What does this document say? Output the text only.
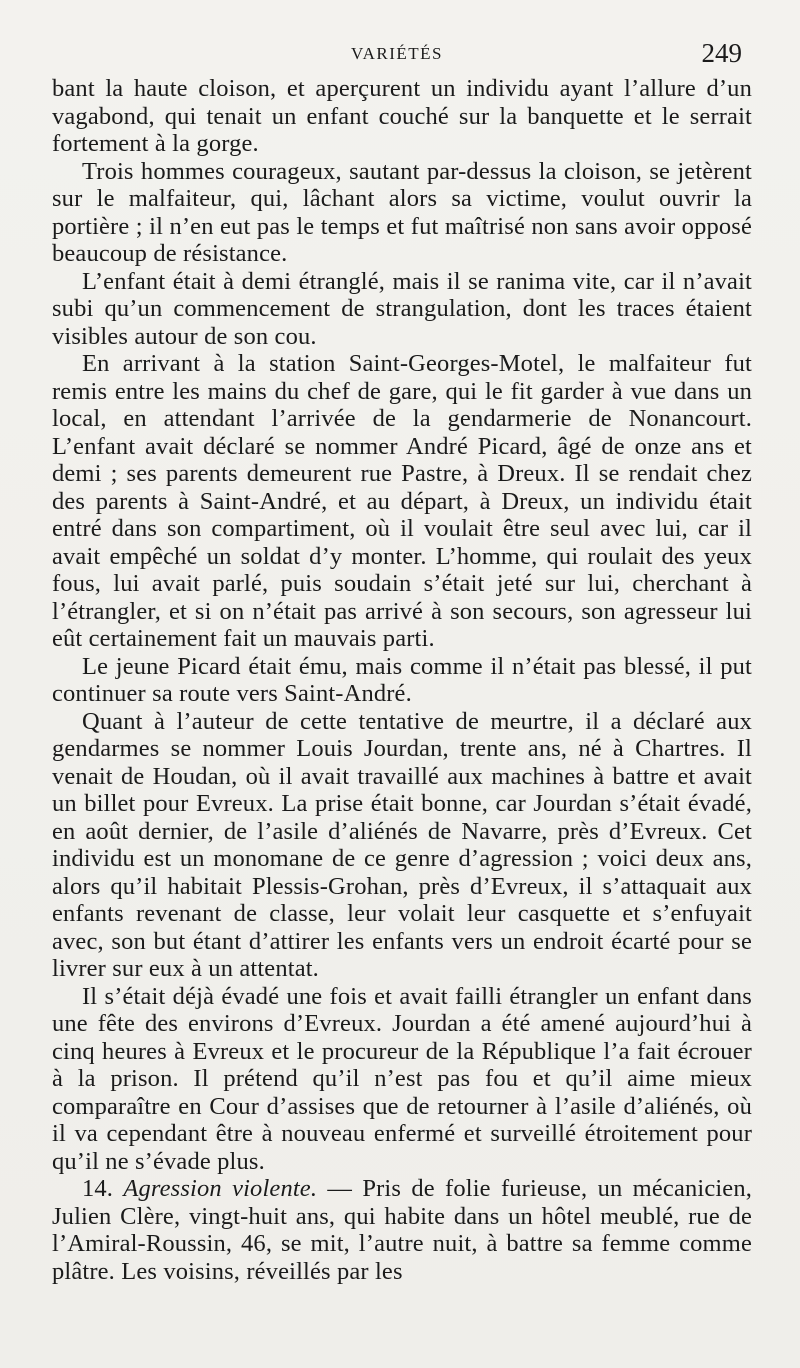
VARIÉTÉS	249

bant la haute cloison, et aperçurent un individu ayant l’allure d’un vagabond, qui tenait un enfant couché sur la banquette et le serrait fortement à la gorge.

Trois hommes courageux, sautant par-dessus la cloison, se jetèrent sur le malfaiteur, qui, lâchant alors sa victime, voulut ouvrir la portière ; il n’en eut pas le temps et fut maîtrisé non sans avoir opposé beaucoup de résistance.

L’enfant était à demi étranglé, mais il se ranima vite, car il n’avait subi qu’un commencement de strangulation, dont les traces étaient visibles autour de son cou.

En arrivant à la station Saint-Georges-Motel, le malfaiteur fut remis entre les mains du chef de gare, qui le fit garder à vue dans un local, en attendant l’arrivée de la gendarmerie de Nonancourt. L’enfant avait déclaré se nommer André Picard, âgé de onze ans et demi ; ses parents demeurent rue Pastre, à Dreux. Il se rendait chez des parents à Saint-André, et au départ, à Dreux, un individu était entré dans son compartiment, où il voulait être seul avec lui, car il avait empêché un soldat d’y monter. L’homme, qui roulait des yeux fous, lui avait parlé, puis soudain s’était jeté sur lui, cherchant à l’étrangler, et si on n’était pas arrivé à son secours, son agresseur lui eût certainement fait un mauvais parti.

Le jeune Picard était ému, mais comme il n’était pas blessé, il put continuer sa route vers Saint-André.

Quant à l’auteur de cette tentative de meurtre, il a déclaré aux gendarmes se nommer Louis Jourdan, trente ans, né à Chartres. Il venait de Houdan, où il avait travaillé aux machines à battre et avait un billet pour Evreux. La prise était bonne, car Jourdan s’était évadé, en août dernier, de l’asile d’aliénés de Navarre, près d’Evreux. Cet individu est un monomane de ce genre d’agression ; voici deux ans, alors qu’il habitait Plessis-Grohan, près d’Evreux, il s’attaquait aux enfants revenant de classe, leur volait leur casquette et s’enfuyait avec, son but étant d’attirer les enfants vers un endroit écarté pour se livrer sur eux à un attentat.

Il s’était déjà évadé une fois et avait failli étrangler un enfant dans une fête des environs d’Evreux. Jourdan a été amené aujourd’hui à cinq heures à Evreux et le procureur de la République l’a fait écrouer à la prison. Il prétend qu’il n’est pas fou et qu’il aime mieux comparaître en Cour d’assises que de retourner à l’asile d’aliénés, où il va cependant être à nouveau enfermé et surveillé étroitement pour qu’il ne s’évade plus.

14. Agression violente. — Pris de folie furieuse, un mécanicien, Julien Clère, vingt-huit ans, qui habite dans un hôtel meublé, rue de l’Amiral-Roussin, 46, se mit, l’autre nuit, à battre sa femme comme plâtre. Les voisins, réveillés par les
